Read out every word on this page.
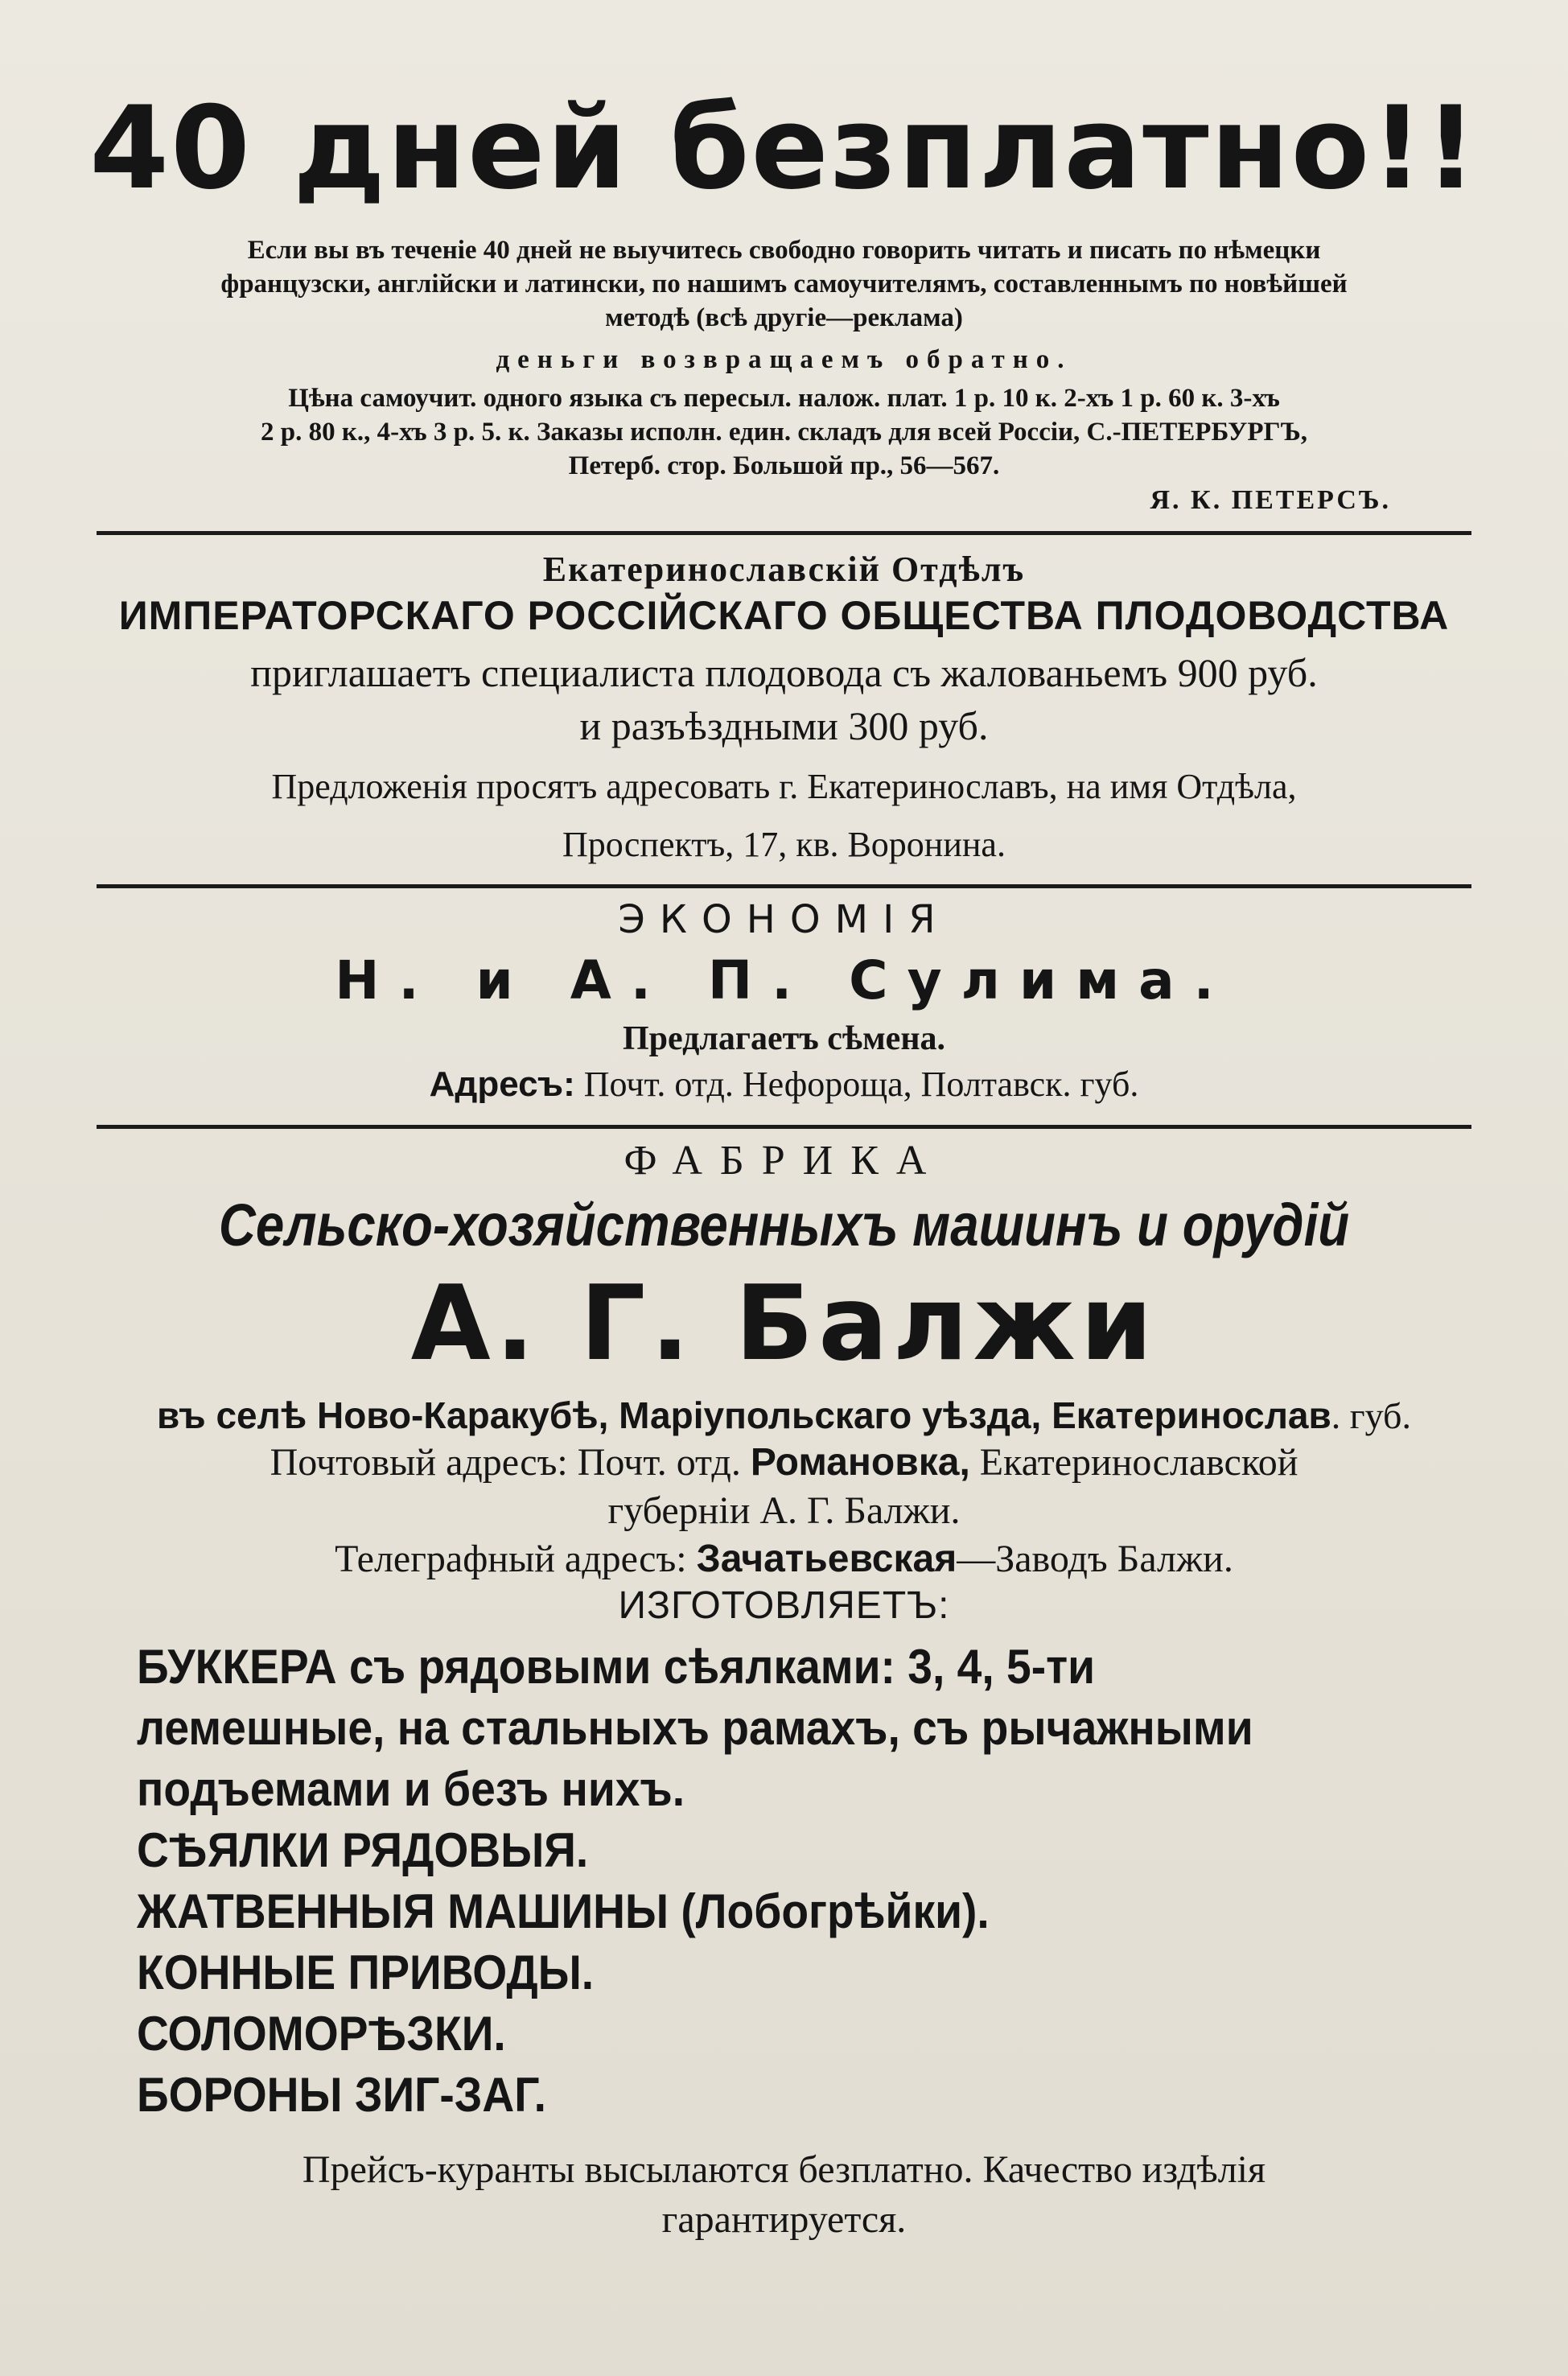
40 дней безплатно!!

Если вы въ теченіе 40 дней не выучитесь свободно говорить читать и писать по нѣмецки

французски, англійски и латински, по нашимъ самоучителямъ, составленнымъ по новѣйшей

методѣ (всѣ другіе—реклама)

деньги возвращаемъ обратно.

Цѣна самоучит. одного языка съ пересыл. налож. плат. 1 р. 10 к. 2-хъ 1 р. 60 к. 3-хъ

2 р. 80 к., 4-хъ 3 р. 5. к. Заказы исполн. един. складъ для всей Россіи, С.-ПЕТЕРБУРГЪ,

Петерб. стор. Большой пр., 56—567.

Я. К. ПЕТЕРСЪ.
Екатеринославскій Отдѣлъ
ИМПЕРАТОРСКАГО РОССІЙСКАГО ОБЩЕСТВА ПЛОДОВОДСТВА
приглашаетъ специалиста плодовода съ жалованьемъ 900 руб.
и разъѣздными 300 руб.
Предложенія просятъ адресовать г. Екатеринославъ, на имя Отдѣла,
Проспектъ, 17, кв. Воронина.
ЭКОНОМІЯ
Н. и А. П. Сулима.
Предлагаетъ сѣмена.
Адресъ: Почт. отд. Нефороща, Полтавск. губ.
ФАБРИКА
Сельско-хозяйственныхъ машинъ и орудій
А. Г. Балжи
въ селѣ Ново-Каракубѣ, Маріупольскаго уѣзда, Екатеринослав. губ.
Почтовый адресъ: Почт. отд. Романовка, Екатеринославской
губерніи А. Г. Балжи.
Телеграфный адресъ: Зачатьевская—Заводъ Балжи.
ИЗГОТОВЛЯЕТЪ:
БУККЕРА съ рядовыми сѣялками: 3, 4, 5-ти лемешные, на стальныхъ рамахъ, съ рычажными подъемами и безъ нихъ.
СѢЯЛКИ РЯДОВЫЯ.
ЖАТВЕННЫЯ МАШИНЫ (Лобогрѣйки).
КОННЫЕ ПРИВОДЫ.
СОЛОМОРѢЗКИ.
БОРОНЫ ЗИГ-ЗАГ.
Прейсъ-куранты высылаются безплатно. Качество издѣлія
гарантируется.
